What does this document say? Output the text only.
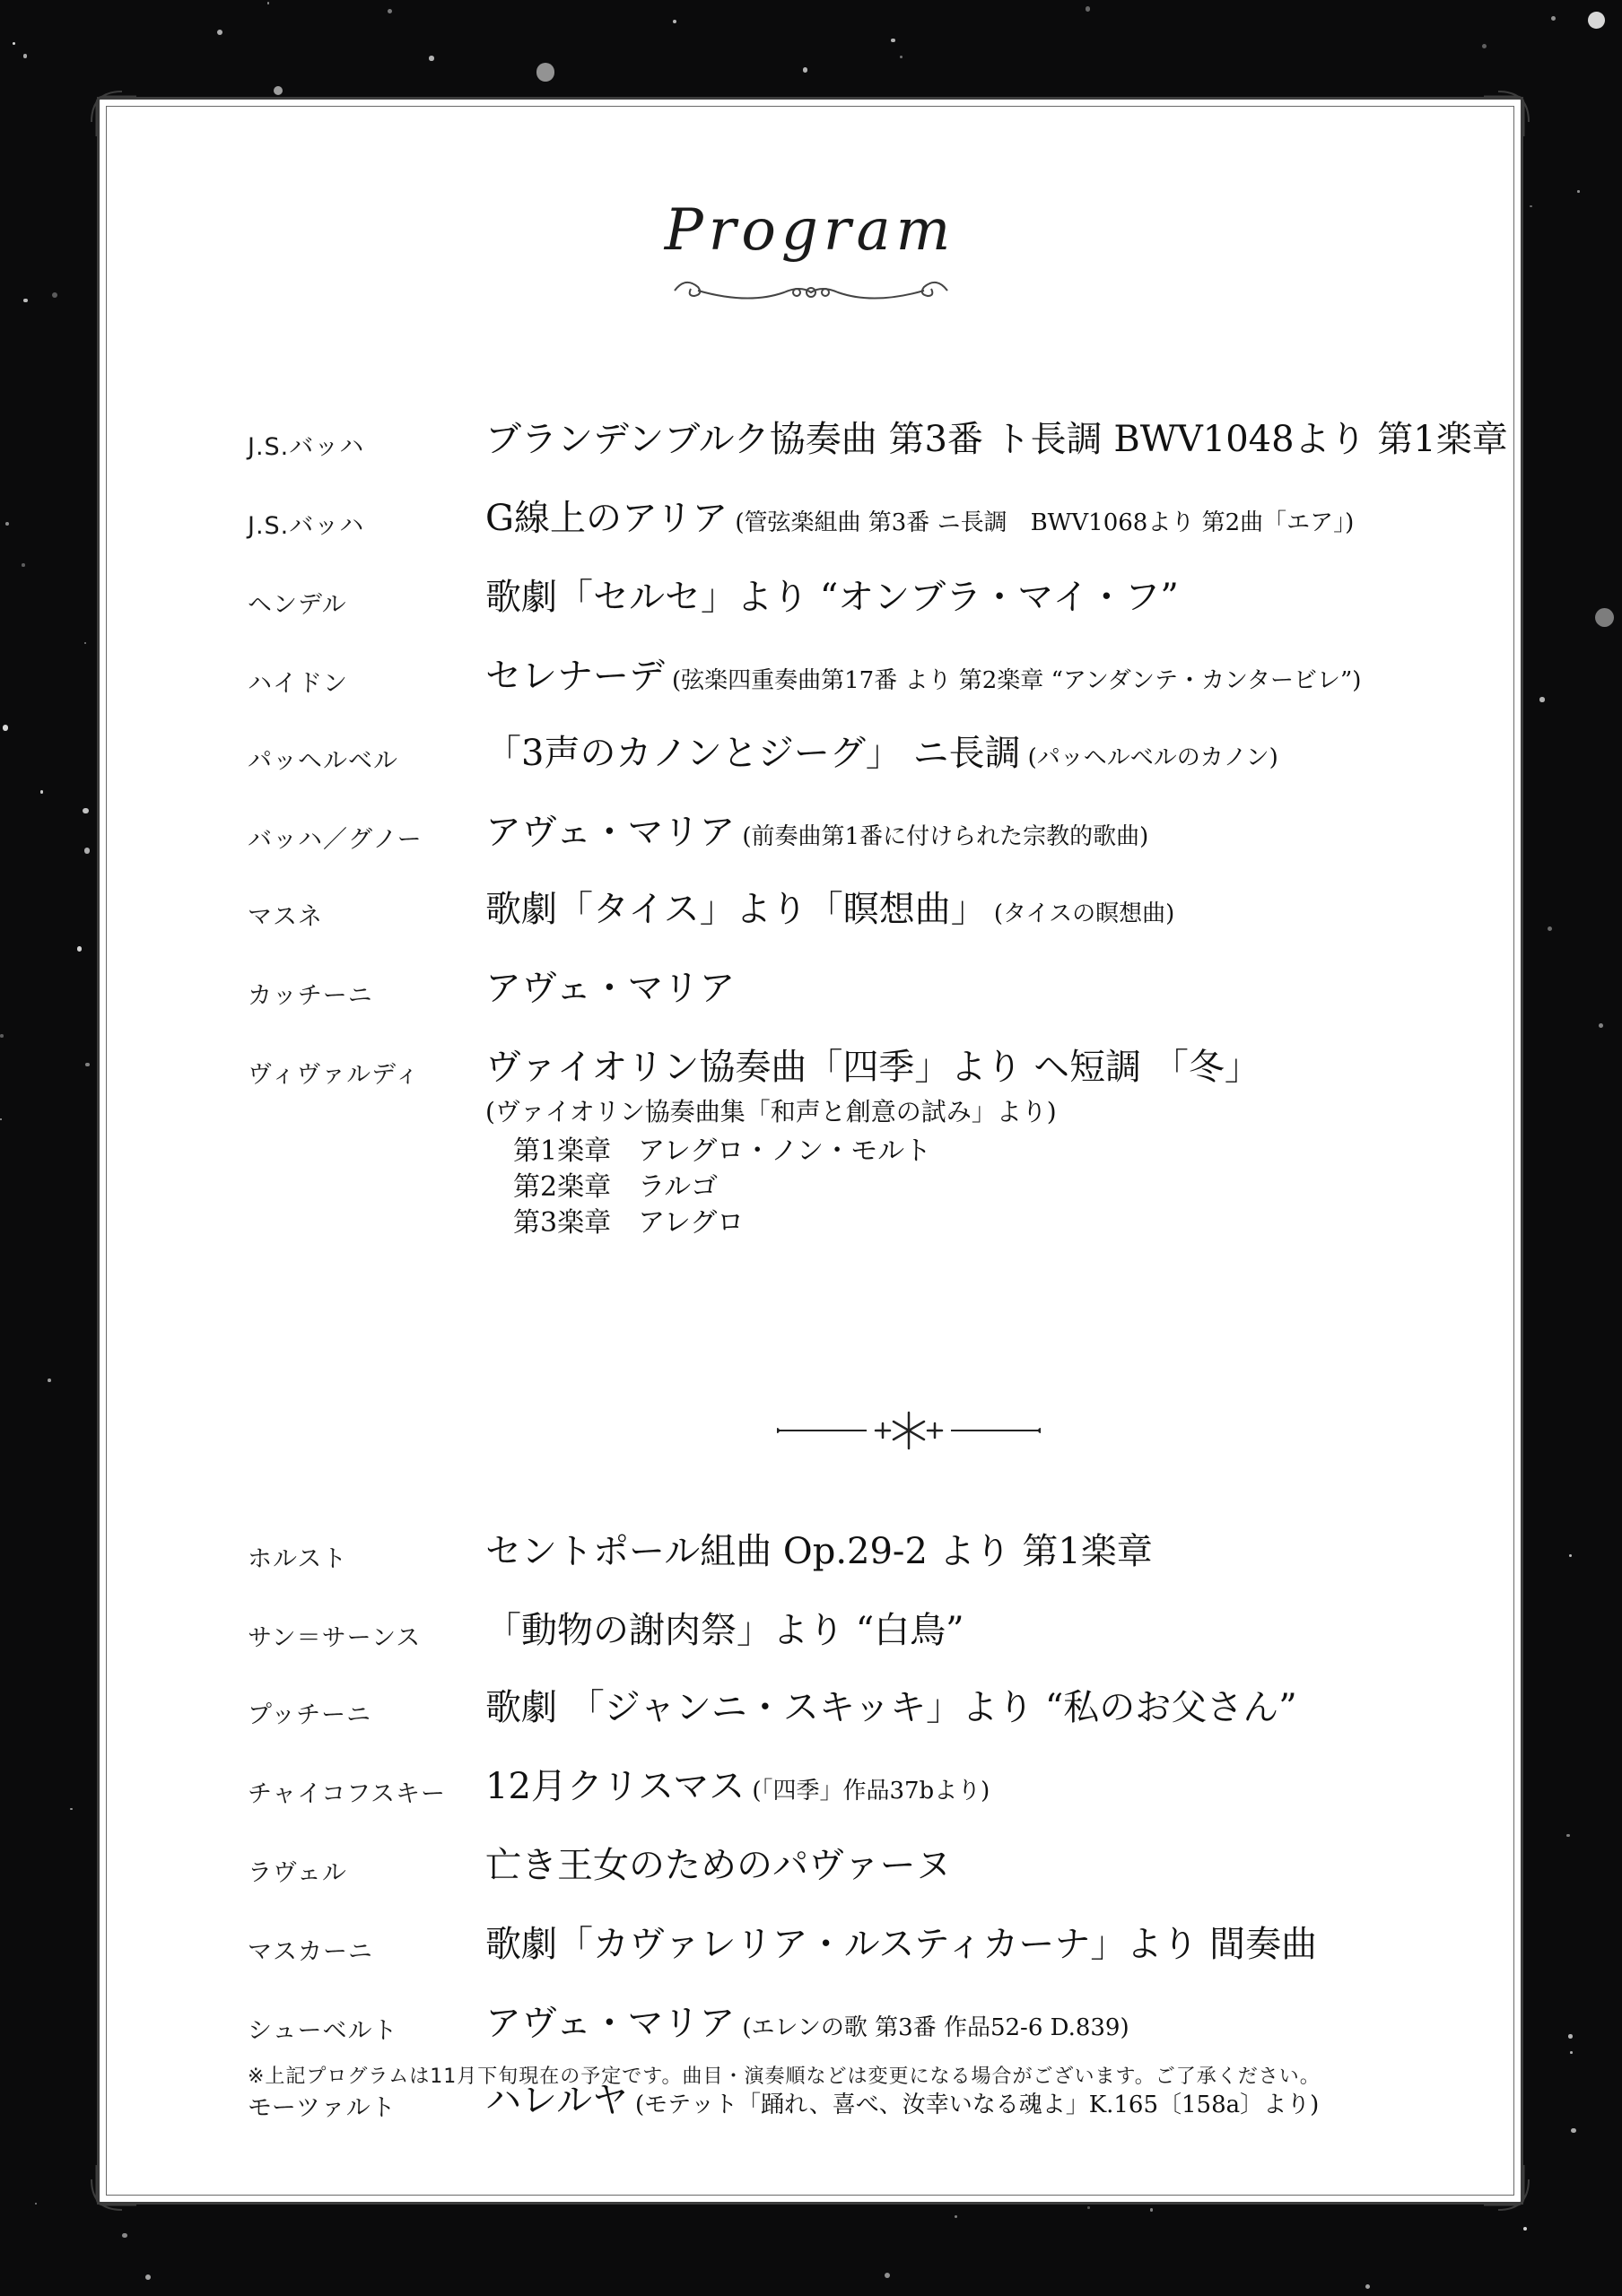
Program
J.S.バッハ	ブランデンブルク協奏曲 第3番 ト長調 BWV1048より 第1楽章
J.S.バッハ	G線上のアリア (管弦楽組曲 第3番 ニ長調　BWV1068より 第2曲「エア」)
ヘンデル	歌劇「セルセ」より “オンブラ・マイ・フ”
ハイドン	セレナーデ (弦楽四重奏曲第17番 より 第2楽章 “アンダンテ・カンタービレ”)
パッヘルベル	「3声のカノンとジーグ」 ニ長調 (パッヘルベルのカノン)
バッハ／グノー	アヴェ・マリア (前奏曲第1番に付けられた宗教的歌曲)
マスネ	歌劇「タイス」より「瞑想曲」 (タイスの瞑想曲)
カッチーニ	アヴェ・マリア
ヴィヴァルディ	ヴァイオリン協奏曲「四季」より ヘ短調 「冬」
(ヴァイオリン協奏曲集「和声と創意の試み」より)
第1楽章　アレグロ・ノン・モルト
第2楽章　ラルゴ
第3楽章　アレグロ
ホルスト	セントポール組曲 Op.29-2 より 第1楽章
サン＝サーンス	「動物の謝肉祭」より “白鳥”
プッチーニ	歌劇 「ジャンニ・スキッキ」より “私のお父さん”
チャイコフスキー	12月クリスマス (「四季」作品37bより)
ラヴェル	亡き王女のためのパヴァーヌ
マスカーニ	歌劇「カヴァレリア・ルスティカーナ」より 間奏曲
シューベルト	アヴェ・マリア (エレンの歌 第3番 作品52-6 D.839)
モーツァルト	ハレルヤ (モテット「踊れ、喜べ、汝幸いなる魂よ」K.165〔158a〕より)
※上記プログラムは11月下旬現在の予定です。曲目・演奏順などは変更になる場合がございます。ご了承ください。
